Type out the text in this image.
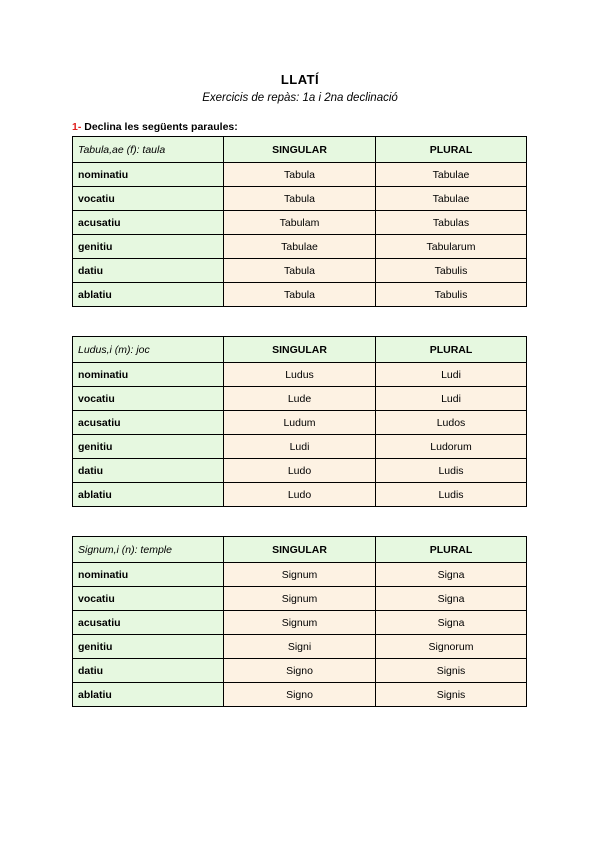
LLATÍ
Exercicis de repàs: 1a i 2na declinació
1- Declina les següents paraules:
Tabula,ae (f): taula	SINGULAR	PLURAL
nominatiu	Tabula	Tabulae
vocatiu	Tabula	Tabulae
acusatiu	Tabulam	Tabulas
genitiu	Tabulae	Tabularum
datiu	Tabula	Tabulis
ablatiu	Tabula	Tabulis
Ludus,i (m): joc	SINGULAR	PLURAL
nominatiu	Ludus	Ludi
vocatiu	Lude	Ludi
acusatiu	Ludum	Ludos
genitiu	Ludi	Ludorum
datiu	Ludo	Ludis
ablatiu	Ludo	Ludis
Signum,i (n): temple	SINGULAR	PLURAL
nominatiu	Signum	Signa
vocatiu	Signum	Signa
acusatiu	Signum	Signa
genitiu	Signi	Signorum
datiu	Signo	Signis
ablatiu	Signo	Signis
